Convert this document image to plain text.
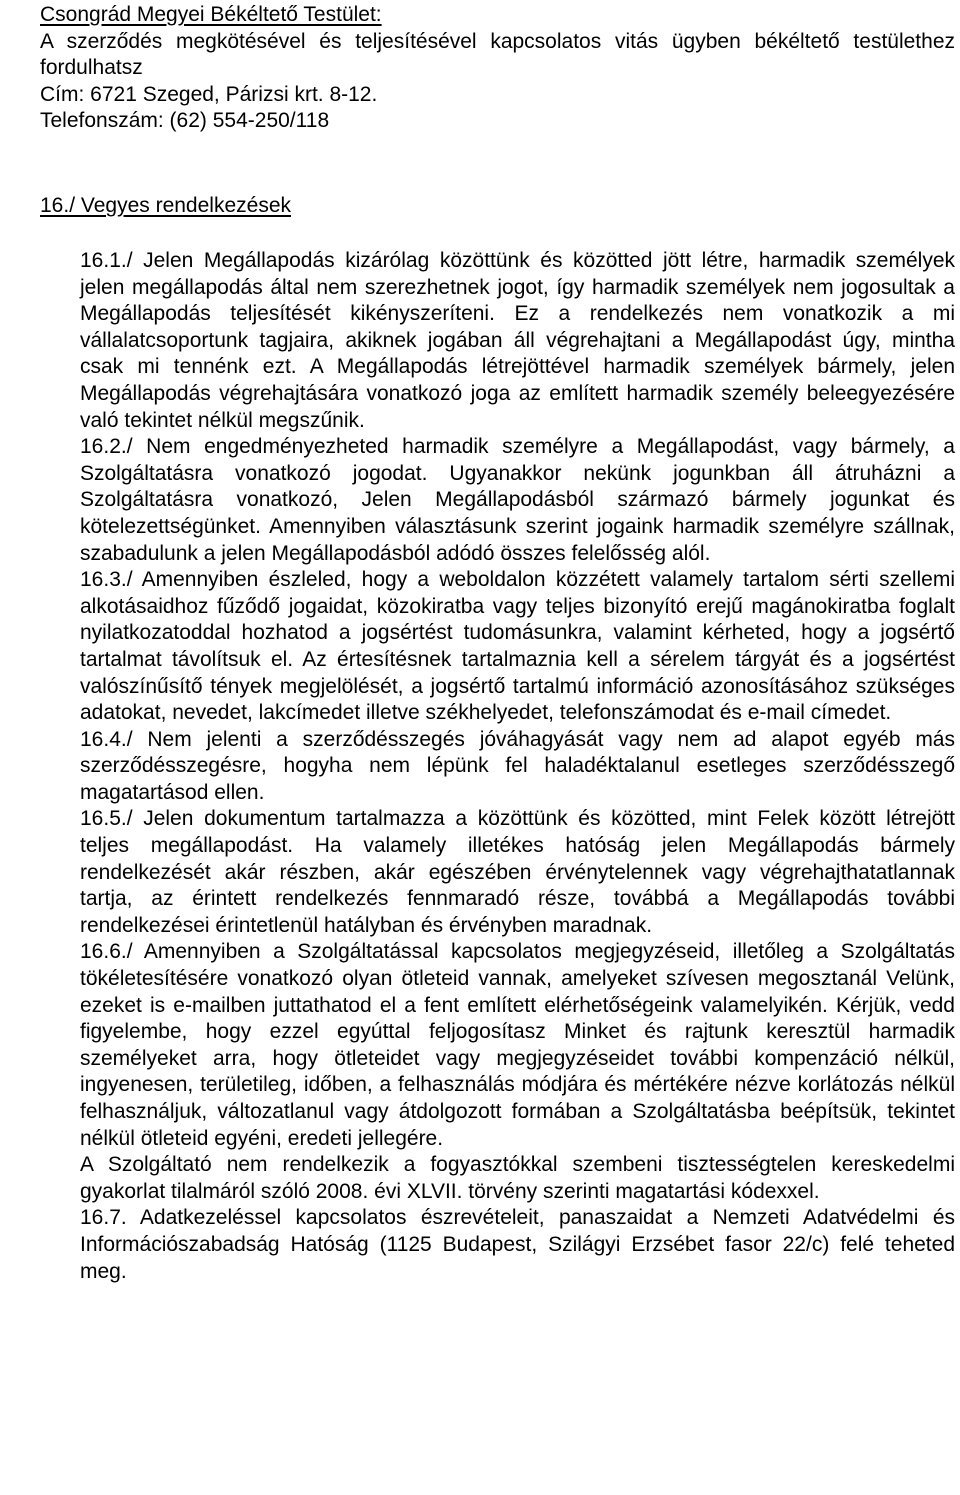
Csongrád Megyei Békéltető Testület:
A szerződés megkötésével és teljesítésével kapcsolatos vitás ügyben békéltető testülethez fordulhatsz
Cím: 6721 Szeged, Párizsi krt. 8-12.
Telefonszám: (62) 554-250/118
16./ Vegyes rendelkezések

16.1./ Jelen Megállapodás kizárólag közöttünk és közötted jött létre, harmadik személyek jelen megállapodás által nem szerezhetnek jogot, így harmadik személyek nem jogosultak a Megállapodás teljesítését kikényszeríteni. Ez a rendelkezés nem vonatkozik a mi vállalatcsoportunk tagjaira, akiknek jogában áll végrehajtani a Megállapodást úgy, mintha csak mi tennénk ezt. A Megállapodás létrejöttével harmadik személyek bármely, jelen Megállapodás végrehajtására vonatkozó joga az említett harmadik személy beleegyezésére való tekintet nélkül megszűnik.

16.2./ Nem engedményezheted harmadik személyre a Megállapodást, vagy bármely, a Szolgáltatásra vonatkozó jogodat. Ugyanakkor nekünk jogunkban áll átruházni a Szolgáltatásra vonatkozó, Jelen Megállapodásból származó bármely jogunkat és kötelezettségünket. Amennyiben választásunk szerint jogaink harmadik személyre szállnak, szabadulunk a jelen Megállapodásból adódó összes felelősség alól.

16.3./ Amennyiben észleled, hogy a weboldalon közzétett valamely tartalom sérti szellemi alkotásaidhoz fűződő jogaidat, közokiratba vagy teljes bizonyító erejű magánokiratba foglalt nyilatkozatoddal hozhatod a jogsértést tudomásunkra, valamint kérheted, hogy a jogsértő tartalmat távolítsuk el. Az értesítésnek tartalmaznia kell a sérelem tárgyát és a jogsértést valószínűsítő tények megjelölését, a jogsértő tartalmú információ azonosításához szükséges adatokat, nevedet, lakcímedet illetve székhelyedet, telefonszámodat és e-mail címedet.

16.4./ Nem jelenti a szerződésszegés jóváhagyását vagy nem ad alapot egyéb más szerződésszegésre, hogyha nem lépünk fel haladéktalanul esetleges szerződésszegő magatartásod ellen.

16.5./ Jelen dokumentum tartalmazza a közöttünk és közötted, mint Felek között létrejött teljes megállapodást. Ha valamely illetékes hatóság jelen Megállapodás bármely rendelkezését akár részben, akár egészében érvénytelennek vagy végrehajthatatlannak tartja, az érintett rendelkezés fennmaradó része, továbbá a Megállapodás további rendelkezései érintetlenül hatályban és érvényben maradnak.

16.6./ Amennyiben a Szolgáltatással kapcsolatos megjegyzéseid, illetőleg a Szolgáltatás tökéletesítésére vonatkozó olyan ötleteid vannak, amelyeket szívesen megosztanál Velünk, ezeket is e-mailben juttathatod el a fent említett elérhetőségeink valamelyikén. Kérjük, vedd figyelembe, hogy ezzel egyúttal feljogosítasz Minket és rajtunk keresztül harmadik személyeket arra, hogy ötleteidet vagy megjegyzéseidet további kompenzáció nélkül, ingyenesen, területileg, időben, a felhasználás módjára és mértékére nézve korlátozás nélkül felhasználjuk, változatlanul vagy átdolgozott formában a Szolgáltatásba beépítsük, tekintet nélkül ötleteid egyéni, eredeti jellegére.

A Szolgáltató nem rendelkezik a fogyasztókkal szembeni tisztességtelen kereskedelmi gyakorlat tilalmáról szóló 2008. évi XLVII. törvény szerinti magatartási kódexxel.

16.7. Adatkezeléssel kapcsolatos észrevételeit, panaszaidat a Nemzeti Adatvédelmi és Információszabadság Hatóság (1125 Budapest, Szilágyi Erzsébet fasor 22/c) felé teheted meg.
